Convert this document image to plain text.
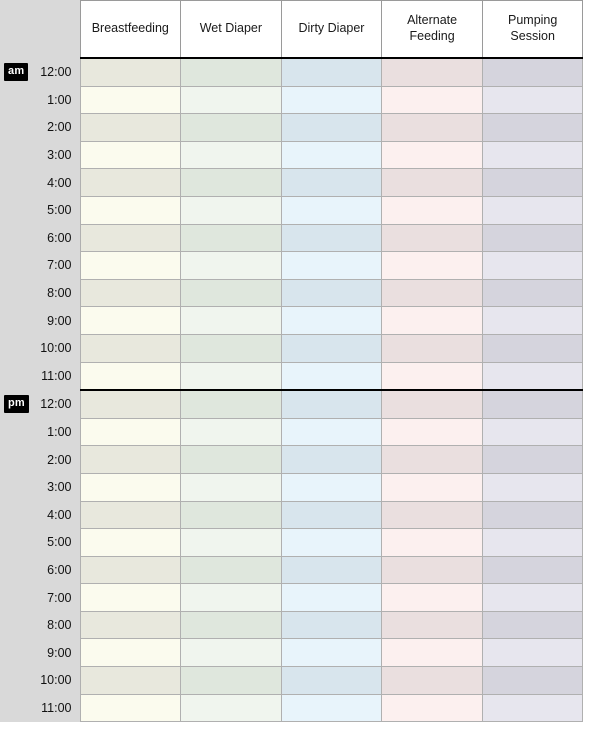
	Breastfeeding	Wet Diaper	Dirty Diaper	Alternate Feeding	Pumping Session

am 12:00					
1:00					
2:00					
3:00					
4:00					
5:00					
6:00					
7:00					
8:00					
9:00					
10:00					
11:00					

pm 12:00					
1:00					
2:00					
3:00					
4:00					
5:00					
6:00					
7:00					
8:00					
9:00					
10:00					
11:00					
